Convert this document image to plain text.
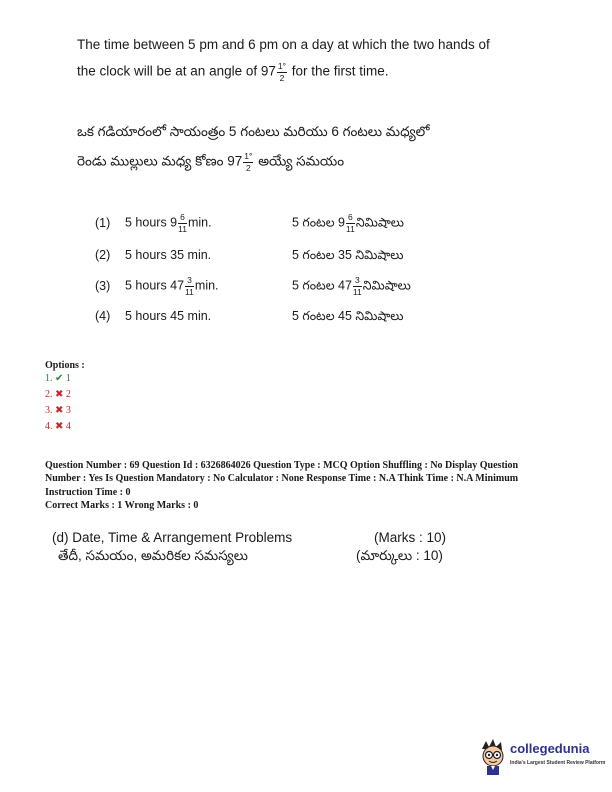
The time between 5 pm and 6 pm on a day at which the two hands of
the clock will be at an angle of $97 \frac{1^\circ}{2}$ for the first time.
ఒక గడియారంలో సాయంత్రం 5 గంటలు మరియు 6 గంటలు మధ్యలో
రెండు ముల్లులు మధ్య కోణం $97 \frac{1^\circ}{2}$ అయ్యే సమయం
(1) 5 hours $9 \frac{6}{11} \min$.	5 గంటల $9 \frac{6}{11}$ నిమిషాలు
(2) 5 hours 35 min.	5 గంటల 35 నిమిషాలు
(3) 5 hours $47 \frac{3}{11} \min$.	5 గంటల $47 \frac{3}{11}$ నిమిషాలు
(4) 5 hours 45 min.	5 గంటల 45 నిమిషాలు
Options :
1. ✔ 1
2. ✖ 2
3. ✖ 3
4. ✖ 4
Question Number : 69 Question Id : 6326864026 Question Type : MCQ Option Shuffling : No Display Question
Number : Yes Is Question Mandatory : No Calculator : None Response Time : N.A Think Time : N.A Minimum
Instruction Time : 0
Correct Marks : 1 Wrong Marks : 0
(d) Date, Time & Arrangement Problems	(Marks : 10)
తేదీ, సమయం, అమరికల సమస్యలు	(మార్కులు : 10)
collegedunia
India's Largest Student Review Platform
